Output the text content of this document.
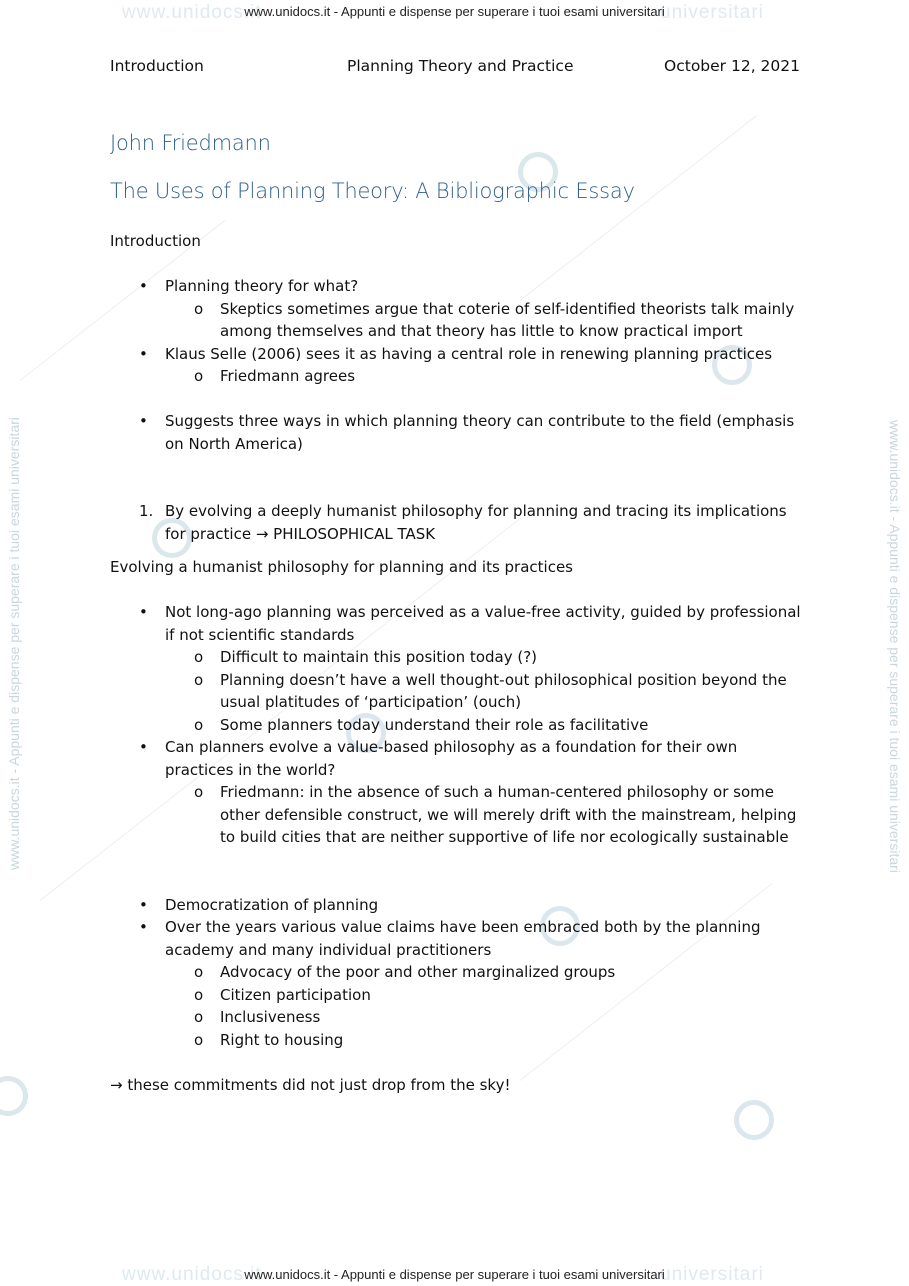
www.unidocs.it	universitari
www.unidocs.it - Appunti e dispense per superare i tuoi esami universitari
www.unidocs.it	universitari
www.unidocs.it - Appunti e dispense per superare i tuoi esami universitari
www.unidocs.it - Appunti e dispense per superare i tuoi esami universitari	www.unidocs.it - Appunti e dispense per superare i tuoi esami universitari
Introduction	Planning Theory and Practice	October 12, 2021
John Friedmann
The Uses of Planning Theory: A Bibliographic Essay

Introduction

• Planning theory for what?
o Skeptics sometimes argue that coterie of self-identified theorists talk mainly among themselves and that theory has little to know practical import
• Klaus Selle (2006) sees it as having a central role in renewing planning practices
o Friedmann agrees
• Suggests three ways in which planning theory can contribute to the field (emphasis on North America)
1. By evolving a deeply humanist philosophy for planning and tracing its implications for practice → PHILOSOPHICAL TASK

Evolving a humanist philosophy for planning and its practices

• Not long-ago planning was perceived as a value-free activity, guided by professional if not scientific standards
o Difficult to maintain this position today (?)
o Planning doesn’t have a well thought-out philosophical position beyond the usual platitudes of ‘participation’ (ouch)
o Some planners today understand their role as facilitative
• Can planners evolve a value-based philosophy as a foundation for their own practices in the world?
o Friedmann: in the absence of such a human-centered philosophy or some other defensible construct, we will merely drift with the mainstream, helping to build cities that are neither supportive of life nor ecologically sustainable
• Democratization of planning
• Over the years various value claims have been embraced both by the planning academy and many individual practitioners
o Advocacy of the poor and other marginalized groups
o Citizen participation
o Inclusiveness
o Right to housing

→ these commitments did not just drop from the sky!
